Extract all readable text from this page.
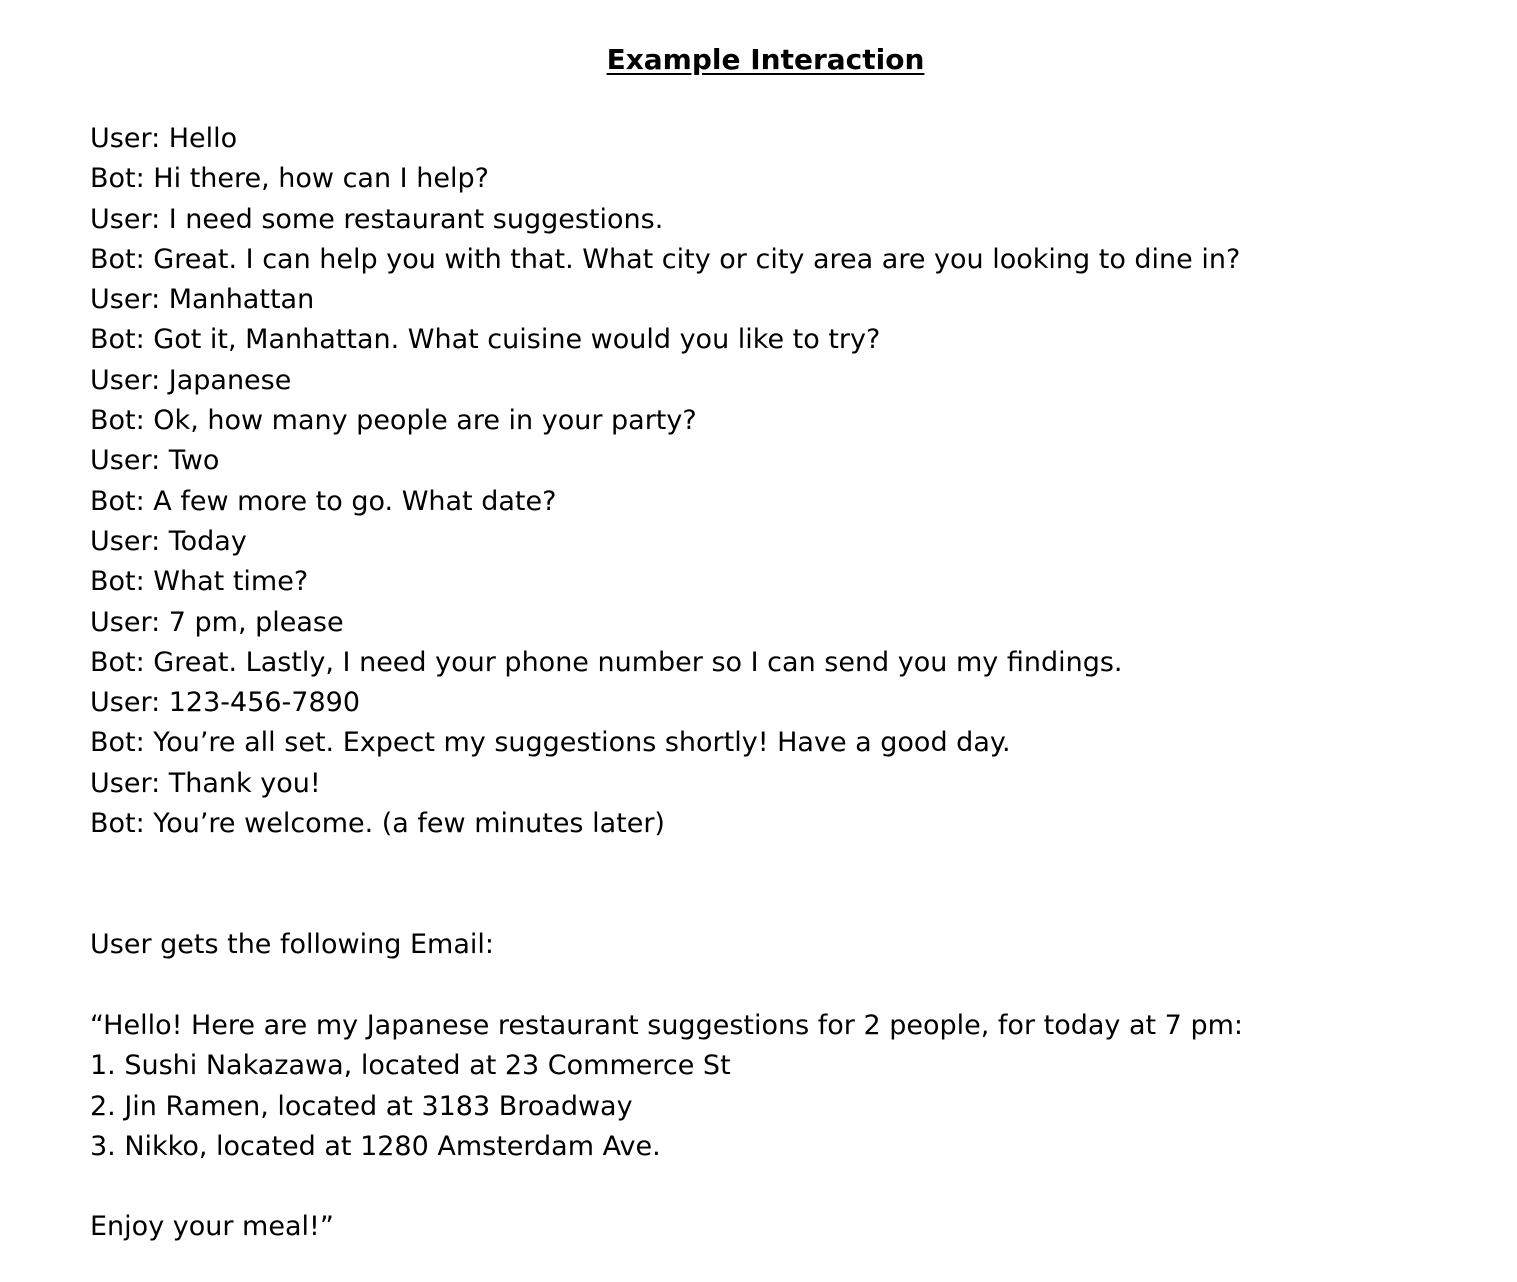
Example Interaction
User: Hello
Bot: Hi there, how can I help?
User: I need some restaurant suggestions.
Bot: Great. I can help you with that. What city or city area are you looking to dine in?
User: Manhattan
Bot: Got it, Manhattan. What cuisine would you like to try?
User: Japanese
Bot: Ok, how many people are in your party?
User: Two
Bot: A few more to go. What date?
User: Today
Bot: What time?
User: 7 pm, please
Bot: Great. Lastly, I need your phone number so I can send you my findings.
User: 123-456-7890
Bot: You’re all set. Expect my suggestions shortly! Have a good day.
User: Thank you!
Bot: You’re welcome. (a few minutes later)
User gets the following Email:
“Hello! Here are my Japanese restaurant suggestions for 2 people, for today at 7 pm:
1. Sushi Nakazawa, located at 23 Commerce St
2. Jin Ramen, located at 3183 Broadway
3. Nikko, located at 1280 Amsterdam Ave.
Enjoy your meal!”
